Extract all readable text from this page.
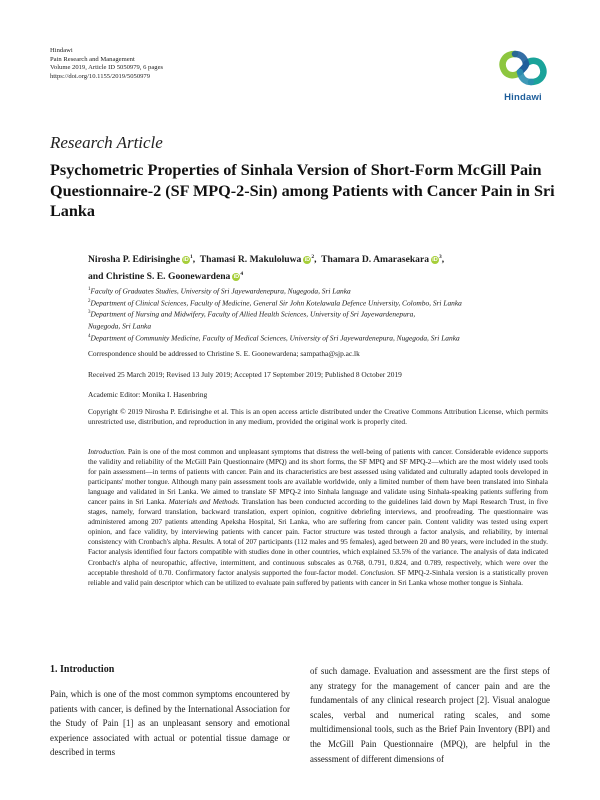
Hindawi
Pain Research and Management
Volume 2019, Article ID 5050979, 6 pages
https://doi.org/10.1155/2019/5050979
Hindawi
Research Article
Psychometric Properties of Sinhala Version of Short-Form McGill Pain Questionnaire-2 (SF MPQ-2-Sin) among Patients with Cancer Pain in Sri Lanka
Nirosha P. Edirisinghe $iD^1$,  Thamasi R. Makuloluwa $iD^2$,  Thamara D. Amarasekara $iD^3$,
and Christine S. E. Goonewardena $iD^4$

$^1$Faculty of Graduates Studies, University of Sri Jayewardenepura, Nugegoda, Sri Lanka

$^2$Department of Clinical Sciences, Faculty of Medicine, General Sir John Kotelawala Defence University, Colombo, Sri Lanka

$^3$Department of Nursing and Midwifery, Faculty of Allied Health Sciences, University of Sri Jayewardenepura,

Nugegoda, Sri Lanka

$^4$Department of Community Medicine, Faculty of Medical Sciences, University of Sri Jayewardenepura, Nugegoda, Sri Lanka

Correspondence should be addressed to Christine S. E. Goonewardena; sampatha@sjp.ac.lk
Received 25 March 2019; Revised 13 July 2019; Accepted 17 September 2019; Published 8 October 2019
Academic Editor: Monika I. Hasenbring
Copyright © 2019 Nirosha P. Edirisinghe et al. This is an open access article distributed under the Creative Commons Attribution License, which permits unrestricted use, distribution, and reproduction in any medium, provided the original work is properly cited.
Introduction. Pain is one of the most common and unpleasant symptoms that distress the well-being of patients with cancer. Considerable evidence supports the validity and reliability of the McGill Pain Questionnaire (MPQ) and its short forms, the SF MPQ and SF MPQ-2—which are the most widely used tools for pain assessment—in terms of patients with cancer. Pain and its characteristics are best assessed using validated and culturally adapted tools developed in participants' mother tongue. Although many pain assessment tools are available worldwide, only a limited number of them have been translated into Sinhala language and validated in Sri Lanka. We aimed to translate SF MPQ-2 into Sinhala language and validate using Sinhala-speaking patients suffering from cancer pains in Sri Lanka. Materials and Methods. Translation has been conducted according to the guidelines laid down by Mapi Research Trust, in five stages, namely, forward translation, backward translation, expert opinion, cognitive debriefing interviews, and proofreading. The questionnaire was administered among 207 patients attending Apeksha Hospital, Sri Lanka, who are suffering from cancer pain. Content validity was tested using expert opinion, and face validity, by interviewing patients with cancer pain. Factor structure was tested through a factor analysis, and reliability, by internal consistency with Cronbach's alpha. Results. A total of 207 participants (112 males and 95 females), aged between 20 and 80 years, were included in the study. Factor analysis identified four factors compatible with studies done in other countries, which explained 53.5% of the variance. The analysis of data indicated Cronbach's alpha of neuropathic, affective, intermittent, and continuous subscales as 0.768, 0.791, 0.824, and 0.789, respectively, which were over the acceptable threshold of 0.70. Confirmatory factor analysis supported the four-factor model. Conclusion. SF MPQ-2-Sinhala version is a statistically proven reliable and valid pain descriptor which can be utilized to evaluate pain suffered by patients with cancer in Sri Lanka whose mother tongue is Sinhala.
1. Introduction
Pain, which is one of the most common symptoms encountered by patients with cancer, is defined by the International Association for the Study of Pain [1] as an unpleasant sensory and emotional experience associated with actual or potential tissue damage or described in terms
of such damage. Evaluation and assessment are the first steps of any strategy for the management of cancer pain and are the fundamentals of any clinical research project [2]. Visual analogue scales, verbal and numerical rating scales, and some multidimensional tools, such as the Brief Pain Inventory (BPI) and the McGill Pain Questionnaire (MPQ), are helpful in the assessment of different dimensions of
